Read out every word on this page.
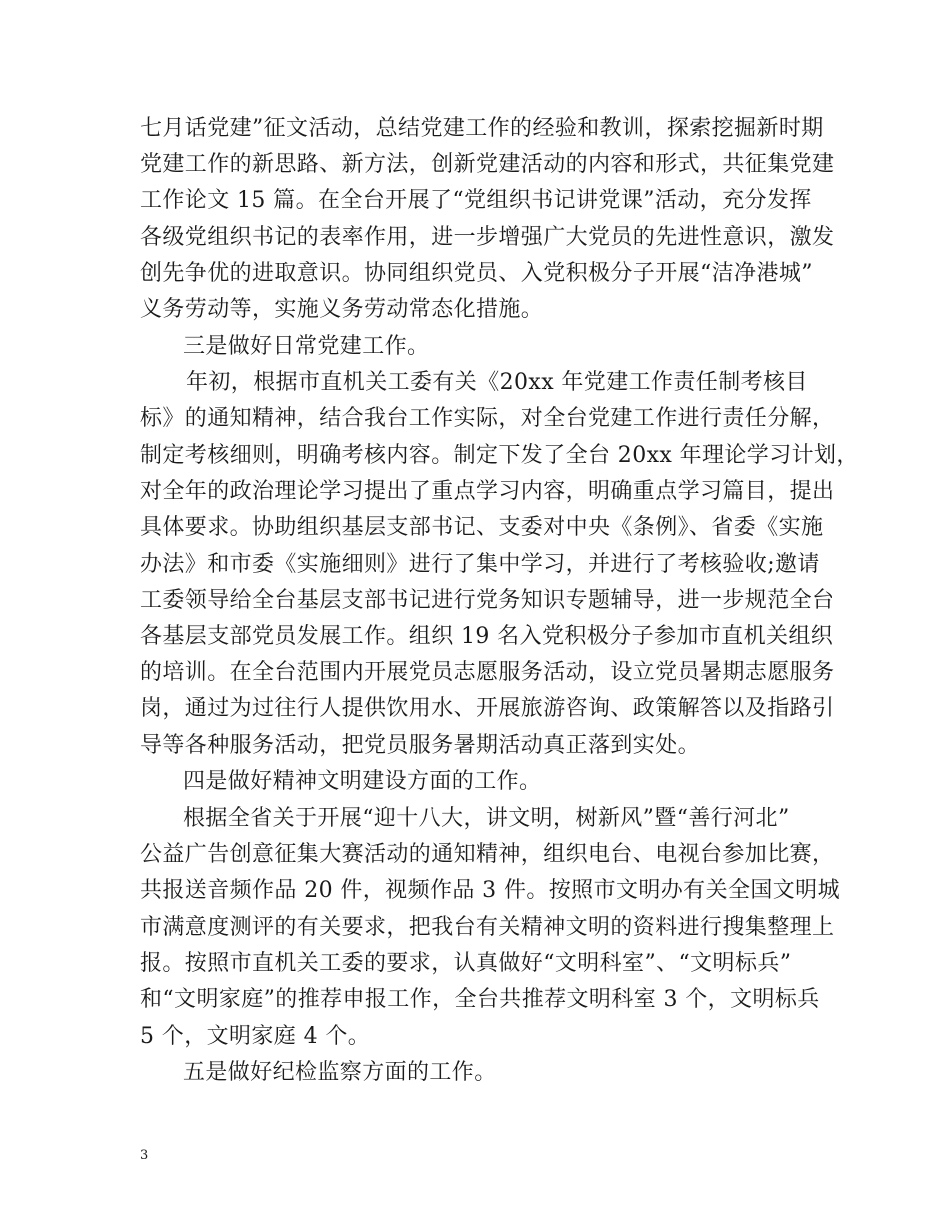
七月话党建”征文活动，总结党建工作的经验和教训，探索挖掘新时期
党建工作的新思路、新方法，创新党建活动的内容和形式，共征集党建
工作论文 15 篇。在全台开展了“党组织书记讲党课”活动，充分发挥
各级党组织书记的表率作用，进一步增强广大党员的先进性意识，激发
创先争优的进取意识。协同组织党员、入党积极分子开展“洁净港城”
义务劳动等，实施义务劳动常态化措施。
三是做好日常党建工作。
年初，根据市直机关工委有关《20xx 年党建工作责任制考核目
标》的通知精神，结合我台工作实际，对全台党建工作进行责任分解，
制定考核细则，明确考核内容。制定下发了全台 20xx 年理论学习计划，
对全年的政治理论学习提出了重点学习内容，明确重点学习篇目，提出
具体要求。协助组织基层支部书记、支委对中央《条例》、省委《实施
办法》和市委《实施细则》进行了集中学习，并进行了考核验收;邀请
工委领导给全台基层支部书记进行党务知识专题辅导，进一步规范全台
各基层支部党员发展工作。组织 19 名入党积极分子参加市直机关组织
的培训。在全台范围内开展党员志愿服务活动，设立党员暑期志愿服务
岗，通过为过往行人提供饮用水、开展旅游咨询、政策解答以及指路引
导等各种服务活动，把党员服务暑期活动真正落到实处。
四是做好精神文明建设方面的工作。
根据全省关于开展“迎十八大，讲文明，树新风”暨“善行河北”
公益广告创意征集大赛活动的通知精神，组织电台、电视台参加比赛，
共报送音频作品 20 件，视频作品 3 件。按照市文明办有关全国文明城
市满意度测评的有关要求，把我台有关精神文明的资料进行搜集整理上
报。按照市直机关工委的要求，认真做好“文明科室”、“文明标兵”
和“文明家庭”的推荐申报工作，全台共推荐文明科室 3 个，文明标兵
5 个，文明家庭 4 个。
五是做好纪检监察方面的工作。
3
